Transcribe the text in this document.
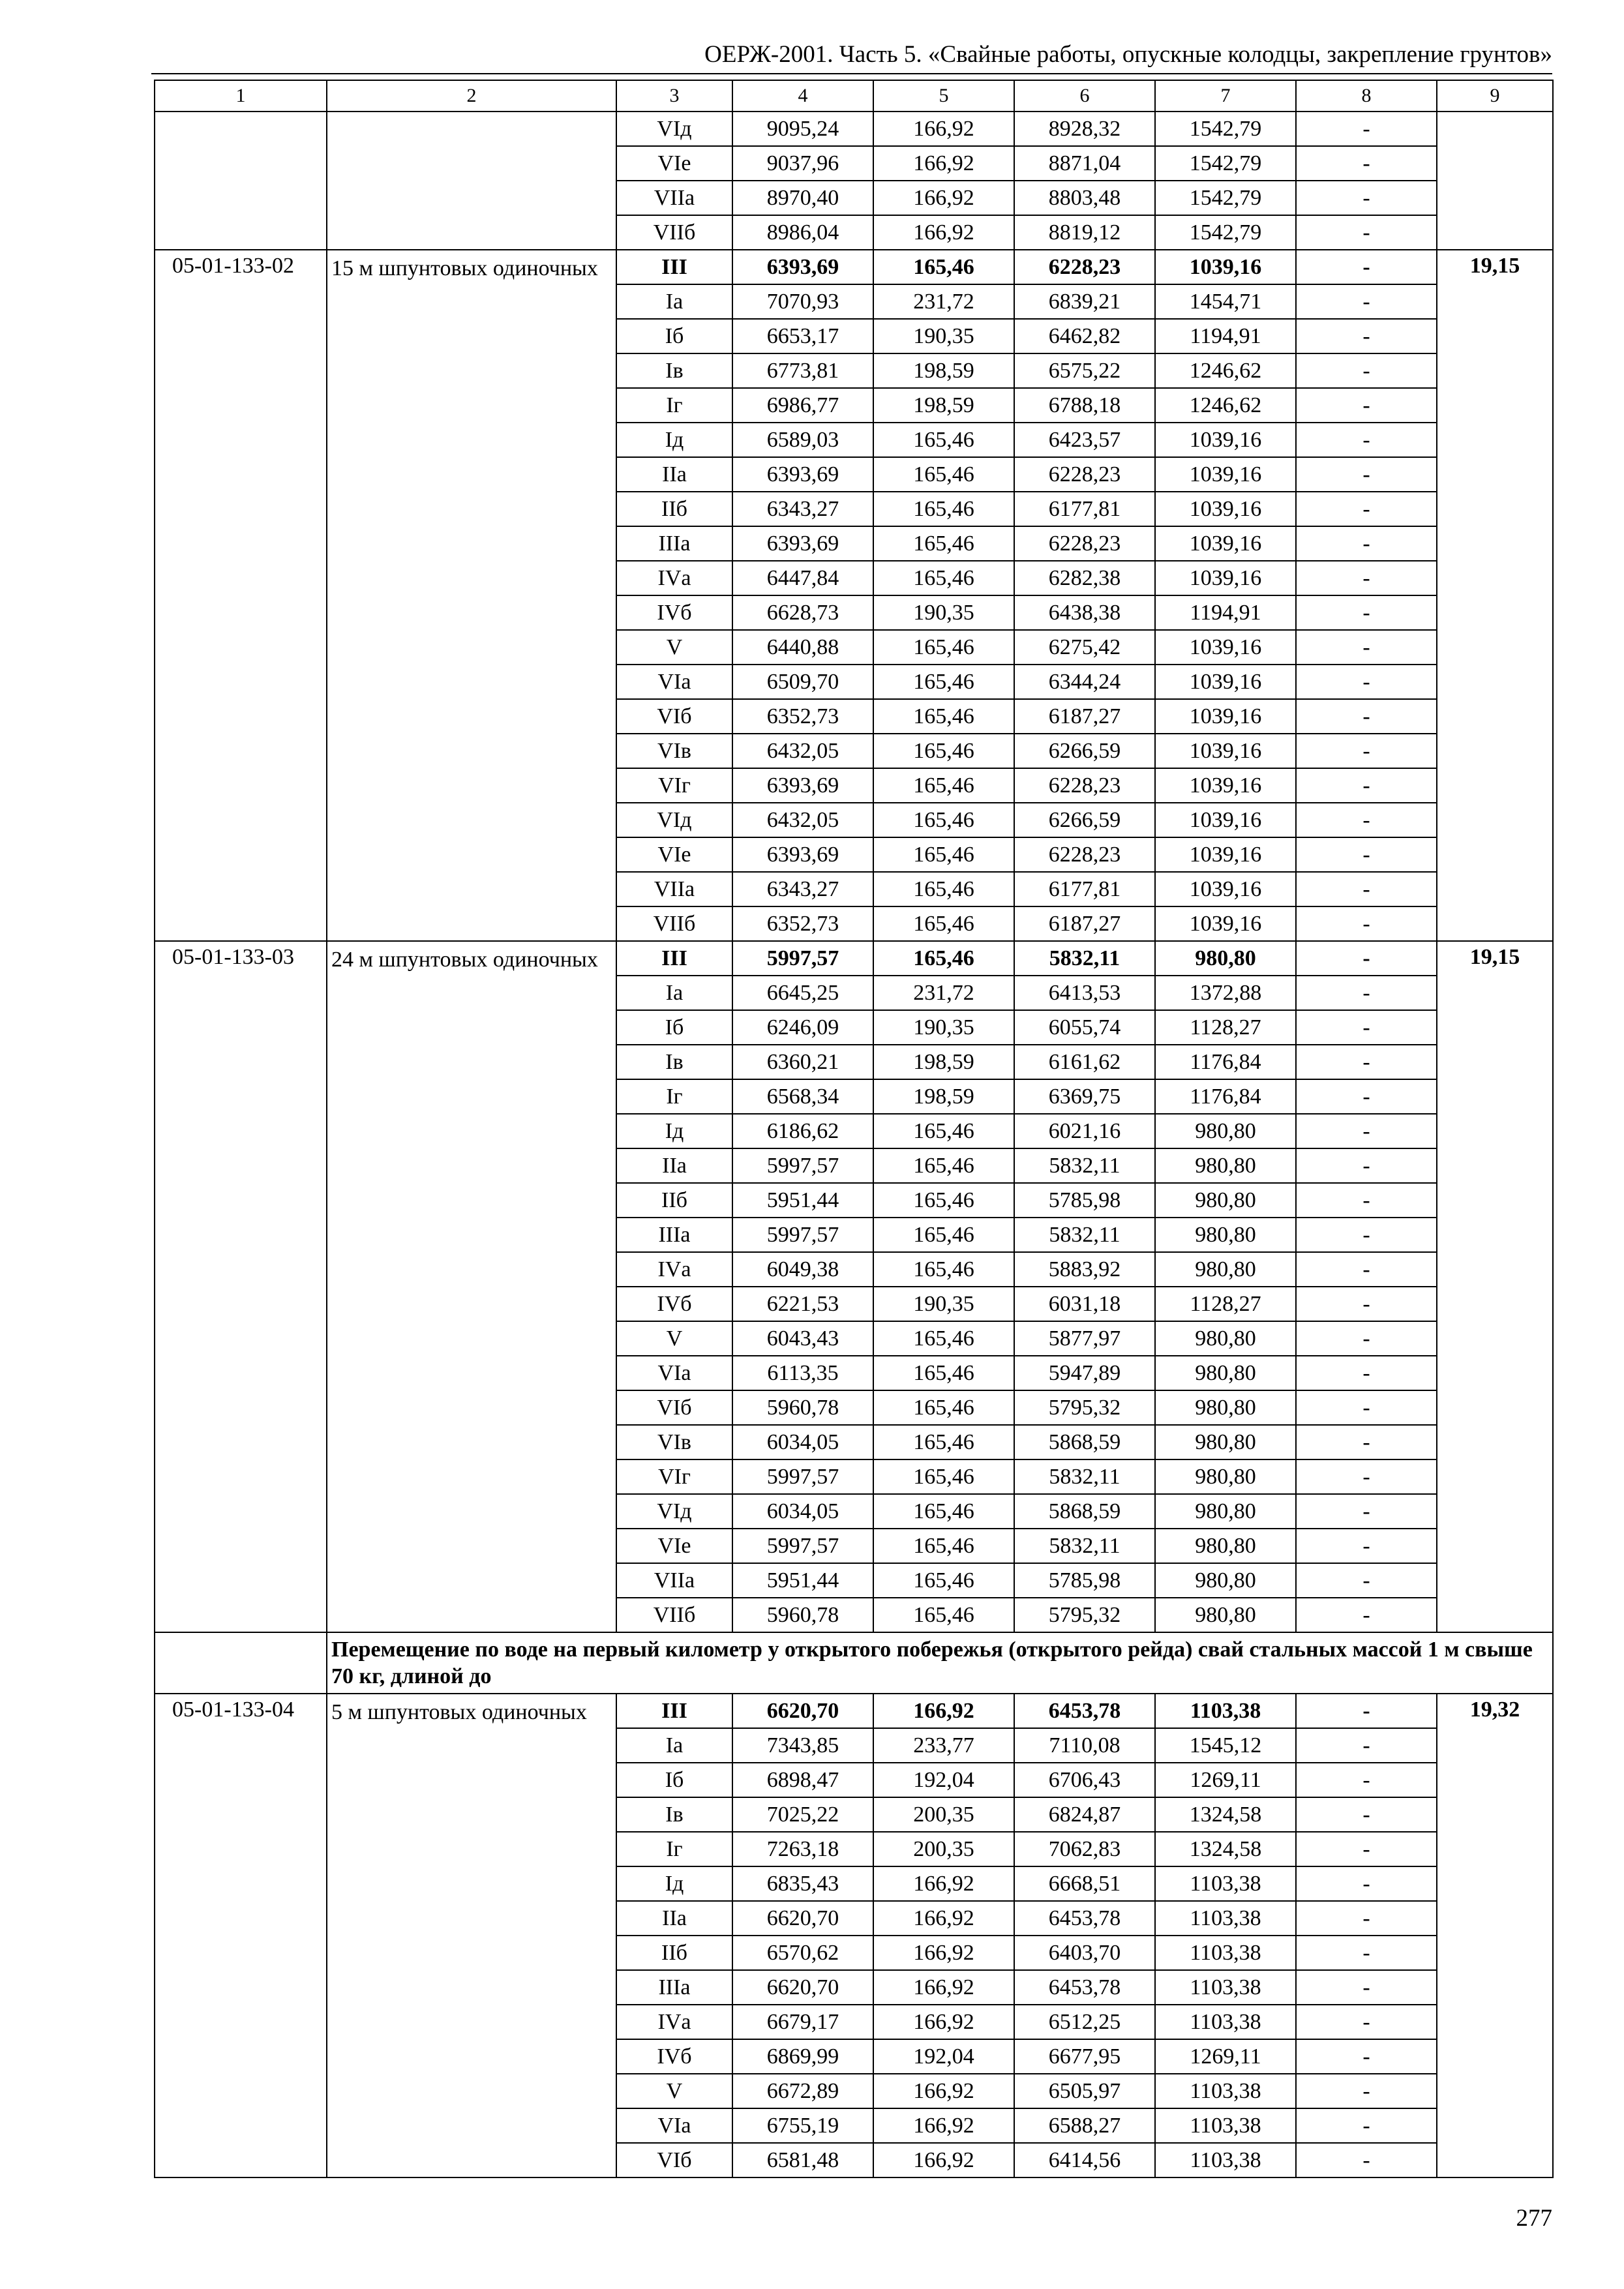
ОЕРЖ-2001. Часть 5. «Свайные работы, опускные колодцы, закрепление грунтов»
1	2	3	4	5	6	7	8	9
		VIд	9095,24	166,92	8928,32	1542,79	-	
		VIе	9037,96	166,92	8871,04	1542,79	-	
		VIIа	8970,40	166,92	8803,48	1542,79	-	
		VIIб	8986,04	166,92	8819,12	1542,79	-	
05-01-133-02	15 м шпунтовых одиночных	III	6393,69	165,46	6228,23	1039,16	-	19,15
		Iа	7070,93	231,72	6839,21	1454,71	-	
		Iб	6653,17	190,35	6462,82	1194,91	-	
		Iв	6773,81	198,59	6575,22	1246,62	-	
		Iг	6986,77	198,59	6788,18	1246,62	-	
		Iд	6589,03	165,46	6423,57	1039,16	-	
		IIа	6393,69	165,46	6228,23	1039,16	-	
		IIб	6343,27	165,46	6177,81	1039,16	-	
		IIIа	6393,69	165,46	6228,23	1039,16	-	
		IVа	6447,84	165,46	6282,38	1039,16	-	
		IVб	6628,73	190,35	6438,38	1194,91	-	
		V	6440,88	165,46	6275,42	1039,16	-	
		VIа	6509,70	165,46	6344,24	1039,16	-	
		VIб	6352,73	165,46	6187,27	1039,16	-	
		VIв	6432,05	165,46	6266,59	1039,16	-	
		VIг	6393,69	165,46	6228,23	1039,16	-	
		VIд	6432,05	165,46	6266,59	1039,16	-	
		VIе	6393,69	165,46	6228,23	1039,16	-	
		VIIа	6343,27	165,46	6177,81	1039,16	-	
		VIIб	6352,73	165,46	6187,27	1039,16	-	
05-01-133-03	24 м шпунтовых одиночных	III	5997,57	165,46	5832,11	980,80	-	19,15
		Iа	6645,25	231,72	6413,53	1372,88	-	
		Iб	6246,09	190,35	6055,74	1128,27	-	
		Iв	6360,21	198,59	6161,62	1176,84	-	
		Iг	6568,34	198,59	6369,75	1176,84	-	
		Iд	6186,62	165,46	6021,16	980,80	-	
		IIа	5997,57	165,46	5832,11	980,80	-	
		IIб	5951,44	165,46	5785,98	980,80	-	
		IIIа	5997,57	165,46	5832,11	980,80	-	
		IVа	6049,38	165,46	5883,92	980,80	-	
		IVб	6221,53	190,35	6031,18	1128,27	-	
		V	6043,43	165,46	5877,97	980,80	-	
		VIа	6113,35	165,46	5947,89	980,80	-	
		VIб	5960,78	165,46	5795,32	980,80	-	
		VIв	6034,05	165,46	5868,59	980,80	-	
		VIг	5997,57	165,46	5832,11	980,80	-	
		VIд	6034,05	165,46	5868,59	980,80	-	
		VIе	5997,57	165,46	5832,11	980,80	-	
		VIIа	5951,44	165,46	5785,98	980,80	-	
		VIIб	5960,78	165,46	5795,32	980,80	-	
	Перемещение по воде на первый километр у открытого побережья (открытого рейда) свай стальных массой 1 м свыше 70 кг, длиной до							
05-01-133-04	5 м шпунтовых одиночных	III	6620,70	166,92	6453,78	1103,38	-	19,32
		Iа	7343,85	233,77	7110,08	1545,12	-	
		Iб	6898,47	192,04	6706,43	1269,11	-	
		Iв	7025,22	200,35	6824,87	1324,58	-	
		Iг	7263,18	200,35	7062,83	1324,58	-	
		Iд	6835,43	166,92	6668,51	1103,38	-	
		IIа	6620,70	166,92	6453,78	1103,38	-	
		IIб	6570,62	166,92	6403,70	1103,38	-	
		IIIа	6620,70	166,92	6453,78	1103,38	-	
		IVа	6679,17	166,92	6512,25	1103,38	-	
		IVб	6869,99	192,04	6677,95	1269,11	-	
		V	6672,89	166,92	6505,97	1103,38	-	
		VIа	6755,19	166,92	6588,27	1103,38	-	
		VIб	6581,48	166,92	6414,56	1103,38	-	
277
